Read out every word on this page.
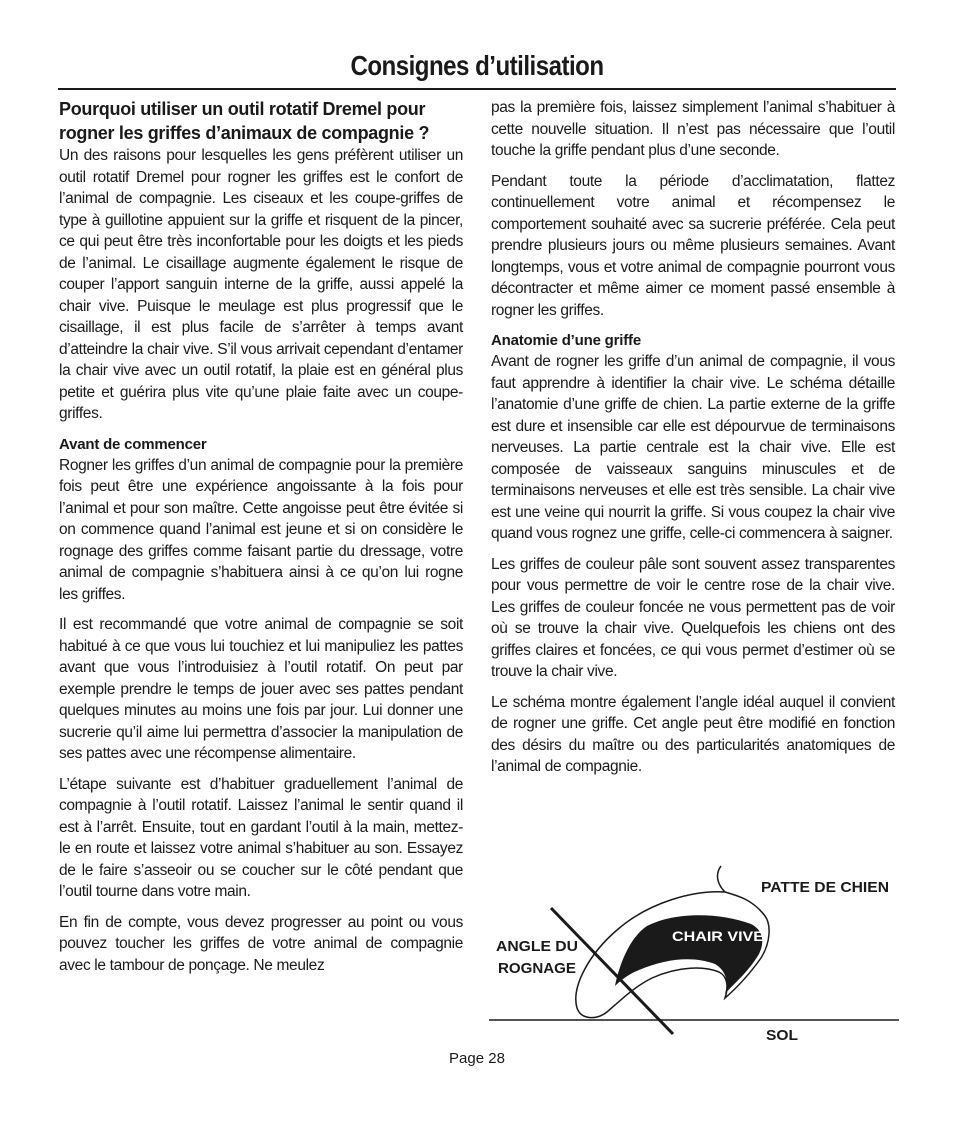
Consignes d’utilisation
Pourquoi utiliser un outil rotatif Dremel pour rogner les griffes d’animaux de compagnie ?

Un des raisons pour lesquelles les gens préfèrent utiliser un outil rotatif Dremel pour rogner les griffes est le confort de l’animal de compagnie. Les ciseaux et les coupe-griffes de type à guillotine appuient sur la griffe et risquent de la pincer, ce qui peut être très inconfortable pour les doigts et les pieds de l’animal. Le cisaillage augmente également le risque de couper l’apport sanguin interne de la griffe, aussi appelé la chair vive. Puisque le meulage est plus progressif que le cisaillage, il est plus facile de s’arrêter à temps avant d’atteindre la chair vive. S’il vous arrivait cependant d’entamer la chair vive avec un outil rotatif, la plaie est en général plus petite et guérira plus vite qu’une plaie faite avec un coupe-griffes.

Avant de commencer

Rogner les griffes d’un animal de compagnie pour la première fois peut être une expérience angoissante à la fois pour l’animal et pour son maître. Cette angoisse peut être évitée si on commence quand l’animal est jeune et si on considère le rognage des griffes comme faisant partie du dressage, votre animal de compagnie s’habituera ainsi à ce qu’on lui rogne les griffes.

Il est recommandé que votre animal de compagnie se soit habitué à ce que vous lui touchiez et lui manipuliez les pattes avant que vous l’introduisiez à l’outil rotatif. On peut par exemple prendre le temps de jouer avec ses pattes pendant quelques minutes au moins une fois par jour. Lui donner une sucrerie qu’il aime lui permettra d’associer la manipulation de ses pattes avec une récompense alimentaire.

L’étape suivante est d’habituer graduellement l’animal de compagnie à l’outil rotatif. Laissez l’animal le sentir quand il est à l’arrêt. Ensuite, tout en gardant l’outil à la main, mettez-le en route et laissez votre animal s’habituer au son. Essayez de le faire s’asseoir ou se coucher sur le côté pendant que l’outil tourne dans votre main.

En fin de compte, vous devez progresser au point ou vous pouvez toucher les griffes de votre animal de compagnie avec le tambour de ponçage. Ne meulez

pas la première fois, laissez simplement l’animal s’habituer à cette nouvelle situation. Il n’est pas nécessaire que l’outil touche la griffe pendant plus d’une seconde.

Pendant toute la période d’acclimatation, flattez continuellement votre animal et récompensez le comportement souhaité avec sa sucrerie préférée. Cela peut prendre plusieurs jours ou même plusieurs semaines. Avant longtemps, vous et votre animal de compagnie pourront vous décontracter et même aimer ce moment passé ensemble à rogner les griffes.

Anatomie d’une griffe

Avant de rogner les griffe d’un animal de compagnie, il vous faut apprendre à identifier la chair vive. Le schéma détaille l’anatomie d’une griffe de chien. La partie externe de la griffe est dure et insensible car elle est dépourvue de terminaisons nerveuses. La partie centrale est la chair vive. Elle est composée de vaisseaux sanguins minuscules et de terminaisons nerveuses et elle est très sensible. La chair vive est une veine qui nourrit la griffe. Si vous coupez la chair vive quand vous rognez une griffe, celle-ci commencera à saigner.

Les griffes de couleur pâle sont souvent assez transparentes pour vous permettre de voir le centre rose de la chair vive. Les griffes de couleur foncée ne vous permettent pas de voir où se trouve la chair vive. Quelquefois les chiens ont des griffes claires et foncées, ce qui vous permet d’estimer où se trouve la chair vive.

Le schéma montre également l’angle idéal auquel il convient de rogner une griffe. Cet angle peut être modifié en fonction des désirs du maître ou des particularités anatomiques de l’animal de compagnie.

PATTE DE CHIEN
CHAIR VIVE
ANGLE DU
ROGNAGE
SOL
Page 28
